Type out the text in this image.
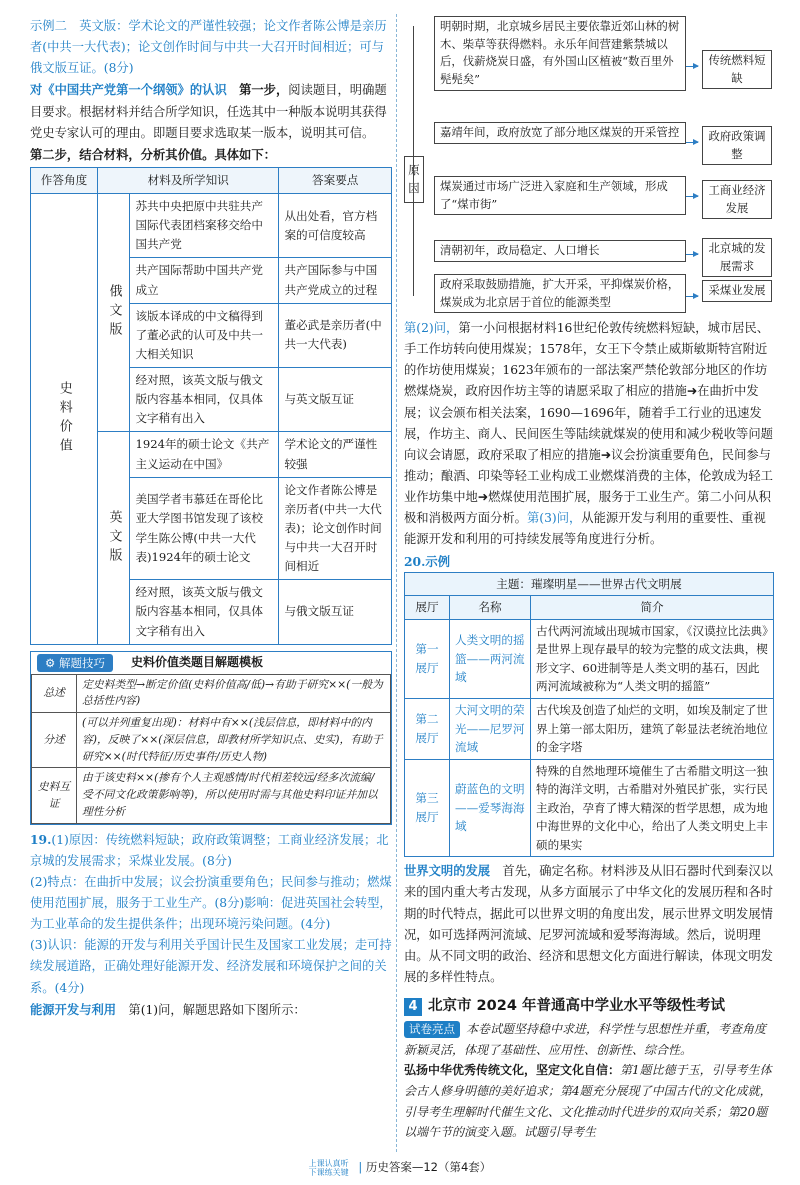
示例二　英文版：学术论文的严谨性较强；论文作者陈公博是亲历者(中共一大代表)；论文创作时间与中共一大召开时间相近；可与俄文版互证。(8分)

对《中国共产党第一个纲领》的认识　 第一步，阅读题目，明确题目要求。根据材料并结合所学知识，任选其中一种版本说明其获得党史专家认可的理由。即题目要求选取某一版本，说明其可信。

第二步，结合材料，分析其价值。具体如下：

作答角度	材料及所学知识		答案要点
史料价值	俄文版	苏共中央把原中共驻共产国际代表团档案移交给中国共产党	从出处看，官方档案的可信度较高
		共产国际帮助中国共产党成立	共产国际参与中国共产党成立的过程
		该版本译成的中文稿得到了董必武的认可及中共一大相关知识	董必武是亲历者(中共一大代表)
		经对照，该英文版与俄文版内容基本相同，仅具体文字稍有出入	与英文版互证
	英文版	1924年的硕士论文《共产主义运动在中国》	学术论文的严谨性较强
		美国学者韦慕廷在哥伦比亚大学图书馆发现了该校学生陈公博(中共一大代表)1924年的硕士论文	论文作者陈公博是亲历者(中共一大代表)；论文创作时间与中共一大召开时间相近
		经对照，该英文版与俄文版内容基本相同，仅具体文字稍有出入	与俄文版互证
⚙ 解题技巧	史料价值类题目解题模板
总述	定史料类型→断定价值(史料价值高/低)→有助于研究××(一般为总括性内容)
分述	(可以并列重复出现)：材料中有××(浅层信息，即材料中的内容)，反映了××(深层信息，即教材所学知识点、史实)，有助于研究××(时代特征/历史事件/历史人物)
史料互证	由于该史料××(掺有个人主观感情/时代相差较远/经多次流编/受不同文化政策影响等)，所以使用时需与其他史料印证并加以理性分析

19.(1)原因：传统燃料短缺；政府政策调整；工商业经济发展；北京城的发展需求；采煤业发展。(8分)

(2)特点：在曲折中发展；议会扮演重要角色；民间参与推动；燃煤使用范围扩展，服务于工业生产。(8分)影响：促进英国社会转型，为工业革命的发生提供条件；出现环境污染问题。(4分)

(3)认识：能源的开发与利用关乎国计民生及国家工业发展；走可持续发展道路，正确处理好能源开发、经济发展和环境保护之间的关系。(4分)

能源开发与利用　第(1)问，解题思路如下图所示：

原因
明朝时期，北京城乡居民主要依靠近郊山林的树木、柴草等获得燃料。永乐年间营建紫禁城以后，伐薪烧炭日盛，有外国山区植被“数百里外髡髡矣”
传统燃料短缺
嘉靖年间，政府放宽了部分地区煤炭的开采管控	政府政策调整
煤炭通过市场广泛进入家庭和生产领域，形成了“煤市街”
工商业经济发展
清朝初年，政局稳定、人口增长	北京城的发展需求
政府采取鼓励措施，扩大开采，平抑煤炭价格，煤炭成为北京居于首位的能源类型
采煤业发展

第(2)问，第一小问根据材料16世纪伦敦传统燃料短缺，城市居民、手工作坊转向使用煤炭；1578年，女王下令禁止威斯敏斯特宫附近的作坊使用煤炭；1623年颁布的一部法案严禁伦敦部分地区的作坊燃煤烧炭，政府因作坊主等的请愿采取了相应的措施➜在曲折中发展；议会颁布相关法案，1690—1696年，随着手工行业的迅速发展，作坊主、商人、民间医生等陆续就煤炭的使用和减少税收等问题向议会请愿，政府采取了相应的措施➜议会扮演重要角色，民间参与推动；酿酒、印染等轻工业构成工业燃煤消费的主体，伦敦成为轻工业作坊集中地➜燃煤使用范围扩展，服务于工业生产。第二小问从积极和消极两方面分析。第(3)问，从能源开发与利用的重要性、重视能源开发和利用的可持续发展等角度进行分析。

20.示例

主题：璀璨明星——世界古代文明展		
展厅	名称	简介
第一展厅	人类文明的摇篮——两河流域	古代两河流域出现城市国家，《汉谟拉比法典》是世界上现存最早的较为完整的成文法典，楔形文字、60进制等是人类文明的基石，因此两河流域被称为“人类文明的摇篮”
第二展厅	大河文明的荣光——尼罗河流域	古代埃及创造了灿烂的文明，如埃及制定了世界上第一部太阳历，建筑了彰显法老统治地位的金字塔
第三展厅	蔚蓝色的文明——爱琴海海域	特殊的自然地理环境催生了古希腊文明这一独特的海洋文明，古希腊对外殖民扩张，实行民主政治，孕育了博大精深的哲学思想，成为地中海世界的文化中心，给出了人类文明史上丰硕的果实

世界文明的发展　首先，确定名称。材料涉及从旧石器时代到秦汉以来的国内重大考古发现，从多方面展示了中华文化的发展历程和各时期的时代特点，据此可以世界文明的角度出发，展示世界文明发展情况，如可选择两河流域、尼罗河流域和爱琴海海域。然后，说明理由。从不同文明的政治、经济和思想文化方面进行解读，体现文明发展的多样性特点。

4 北京市 2024 年普通高中学业水平等级性考试

试卷亮点 本卷试题坚持稳中求进，科学性与思想性并重，考查角度新颖灵活，体现了基础性、应用性、创新性、综合性。

弘扬中华优秀传统文化，坚定文化自信：第1题比德于玉，引导考生体会古人修身明德的美好追求；第4题充分展现了中国古代的文化成就，引导考生理解时代催生文化、文化推动时代进步的双向关系；第20题以端午节的演变入题。试题引导考生

上课认真听
下课练关键 | 历史答案—12（第4套）
